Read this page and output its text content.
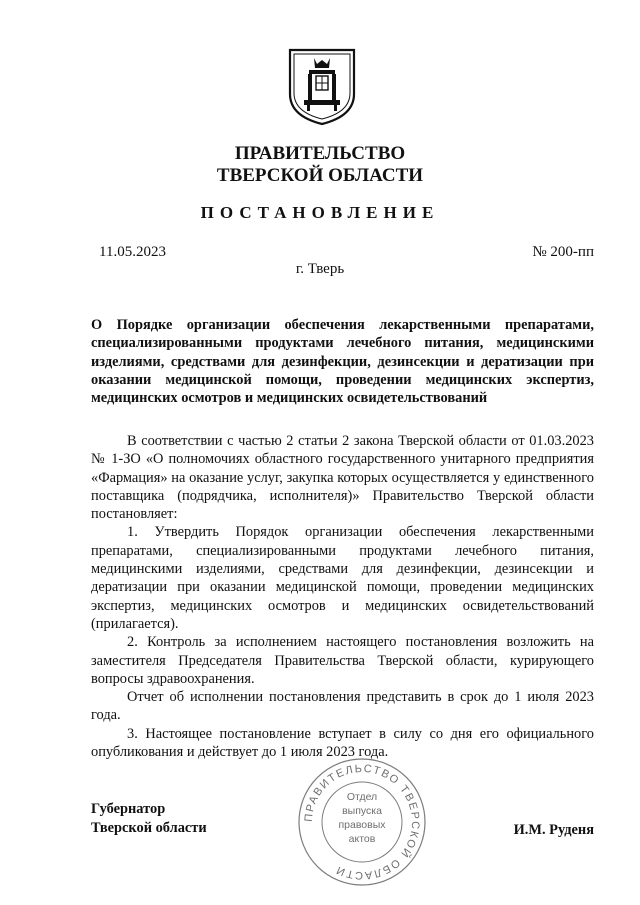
ПРАВИТЕЛЬСТВО
ТВЕРСКОЙ ОБЛАСТИ
ПОСТАНОВЛЕНИЕ
11.05.2023	№ 200-пп
г. Тверь
О Порядке организации обеспечения лекарственными препаратами, специализированными продуктами лечебного питания, медицинскими изделиями, средствами для дезинфекции, дезинсекции и дератизации при оказании медицинской помощи, проведении медицинских экспертиз, медицинских осмотров и медицинских освидетельствований

В соответствии с частью 2 статьи 2 закона Тверской области от 01.03.2023 № 1-ЗО «О полномочиях областного государственного унитарного предприятия «Фармация» на оказание услуг, закупка которых осуществляется у единственного поставщика (подрядчика, исполнителя)» Правительство Тверской области постановляет:

1. Утвердить Порядок организации обеспечения лекарственными препаратами, специализированными продуктами лечебного питания, медицинскими изделиями, средствами для дезинфекции, дезинсекции и дератизации при оказании медицинской помощи, проведении медицинских экспертиз, медицинских осмотров и медицинских освидетельствований (прилагается).

2. Контроль за исполнением настоящего постановления возложить на заместителя Председателя Правительства Тверской области, курирующего вопросы здравоохранения.

Отчет об исполнении постановления представить в срок до 1 июля 2023 года.

3. Настоящее постановление вступает в силу со дня его официального опубликования и действует до 1 июля 2023 года.

Губернатор
Тверской области	И.М. Руденя
ПРАВИТЕЛЬСТВО ТВЕРСКОЙ ОБЛАСТИ
Отдел
выпуска
правовых
актов
